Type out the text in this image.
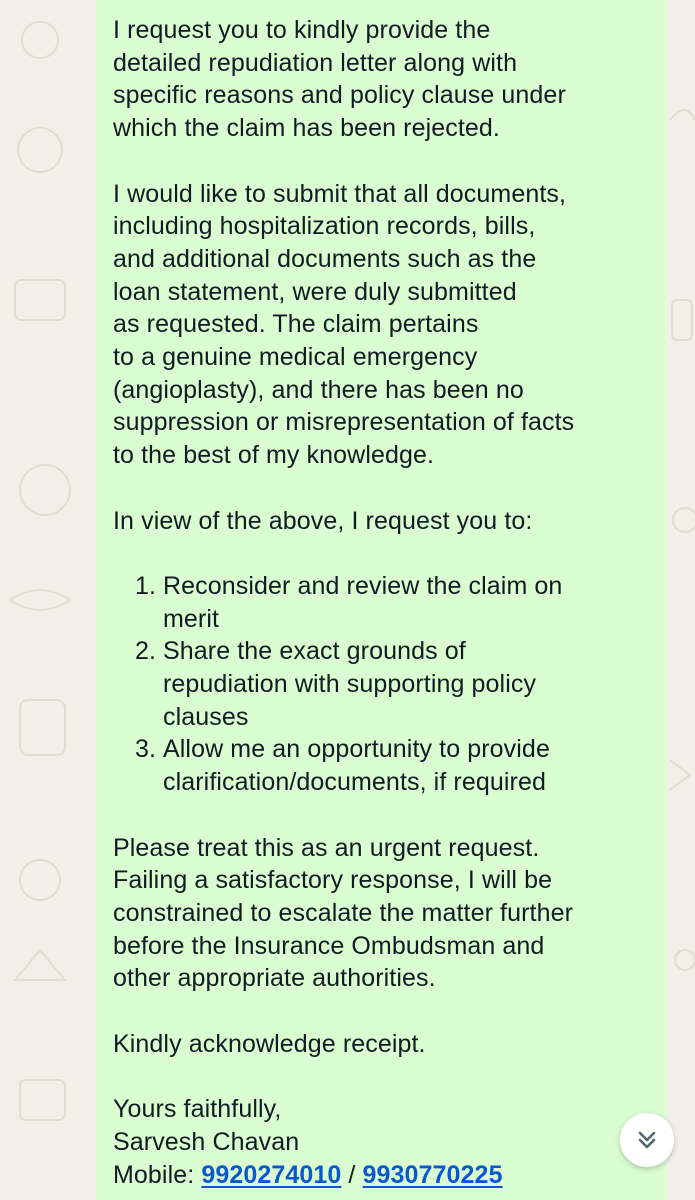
I request you to kindly provide the
detailed repudiation letter along with
specific reasons and policy clause under
which the claim has been rejected.
I would like to submit that all documents,
including hospitalization records, bills,
and additional documents such as the
loan statement, were duly submitted
as requested. The claim pertains
to a genuine medical emergency
(angioplasty), and there has been no
suppression or misrepresentation of facts
to the best of my knowledge.
In view of the above, I request you to:
1. Reconsider and review the claim on
merit
2. Share the exact grounds of
repudiation with supporting policy
clauses
3. Allow me an opportunity to provide
clarification/documents, if required
Please treat this as an urgent request.
Failing a satisfactory response, I will be
constrained to escalate the matter further
before the Insurance Ombudsman and
other appropriate authorities.
Kindly acknowledge receipt.
Yours faithfully,
Sarvesh Chavan
Mobile: 9920274010 / 9930770225
